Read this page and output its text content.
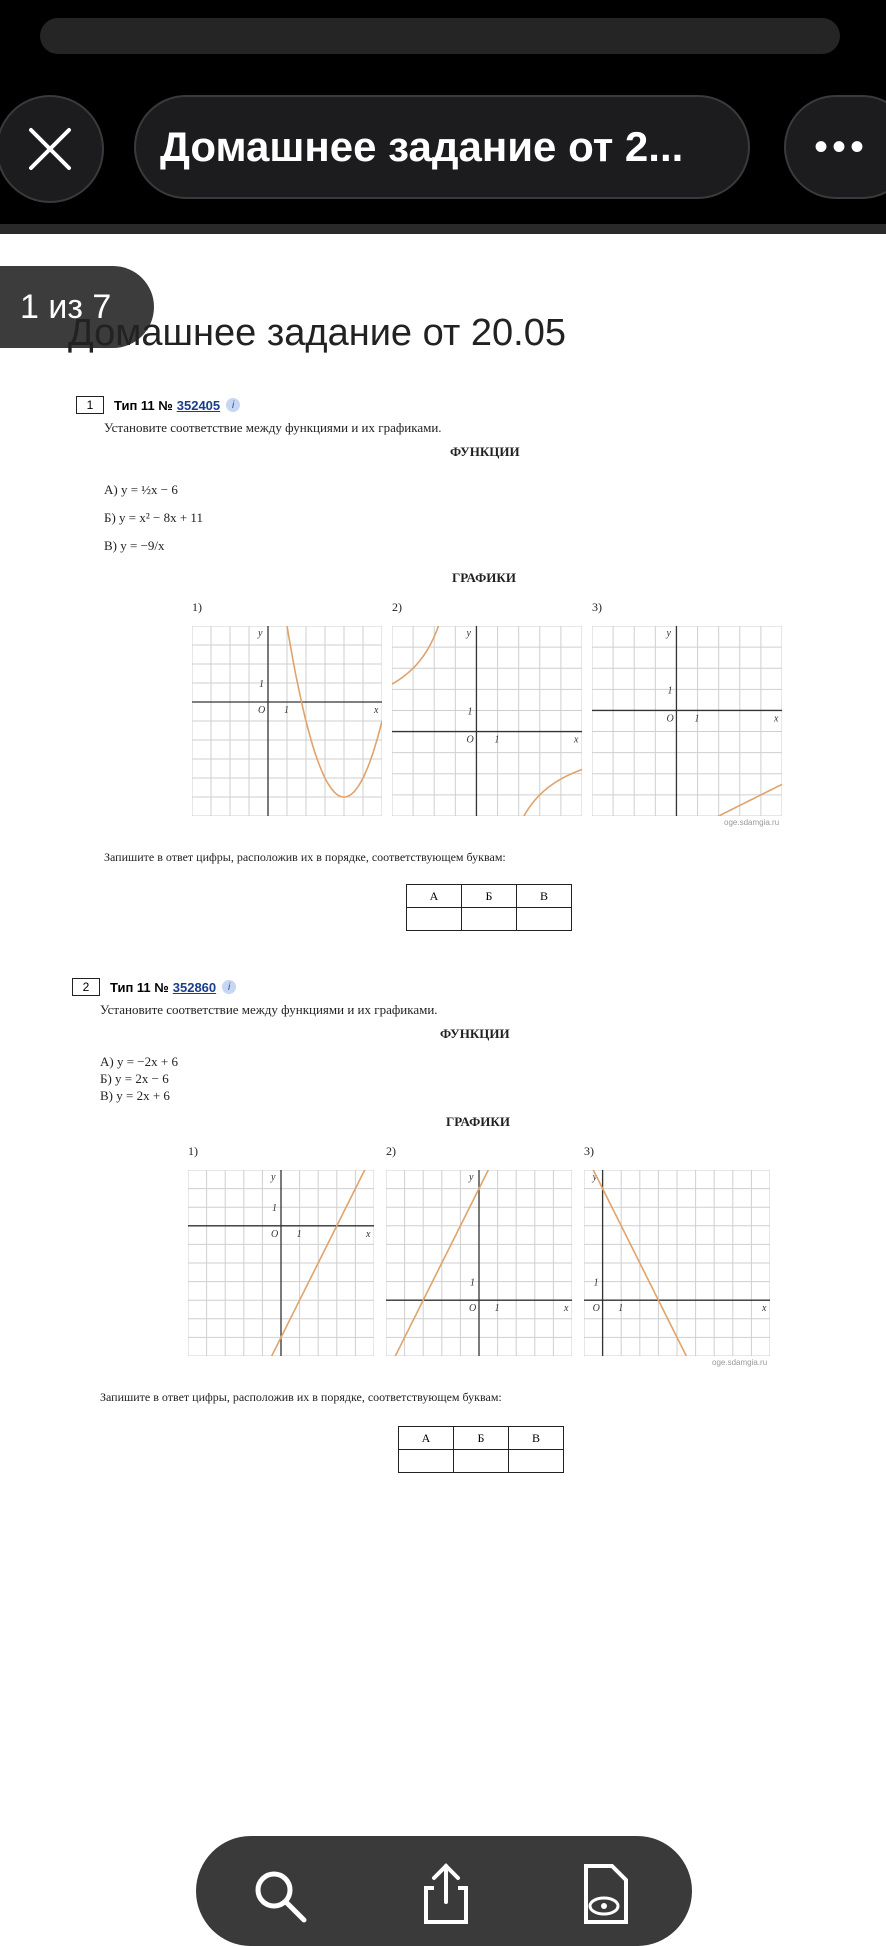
Домашнее задание от 2...	•••
1 из 7
Домашнее задание от 20.05
1	Тип 11 № 352405	i
Установите соответствие между функциями и их графиками.
ФУНКЦИИ
А) y = ½x − 6
Б) y = x² − 8x + 11
В) y = −9/x
ГРАФИКИ
1)	2)	3)
O 1
1
x
y
O 1
1
x
y
O 1
1
x
y
oge.sdamgia.ru
Запишите в ответ цифры, расположив их в порядке, соответствующем буквам:
А	Б	В

2	Тип 11 № 352860	i
Установите соответствие между функциями и их графиками.
ФУНКЦИИ
А) y = −2x + 6
Б) y = 2x − 6
В) y = 2x + 6
ГРАФИКИ
1)	2)	3)
O 1
1
x
y
O 1
1
x
y
O 1
1
x
y
oge.sdamgia.ru
Запишите в ответ цифры, расположив их в порядке, соответствующем буквам:
А	Б	В
